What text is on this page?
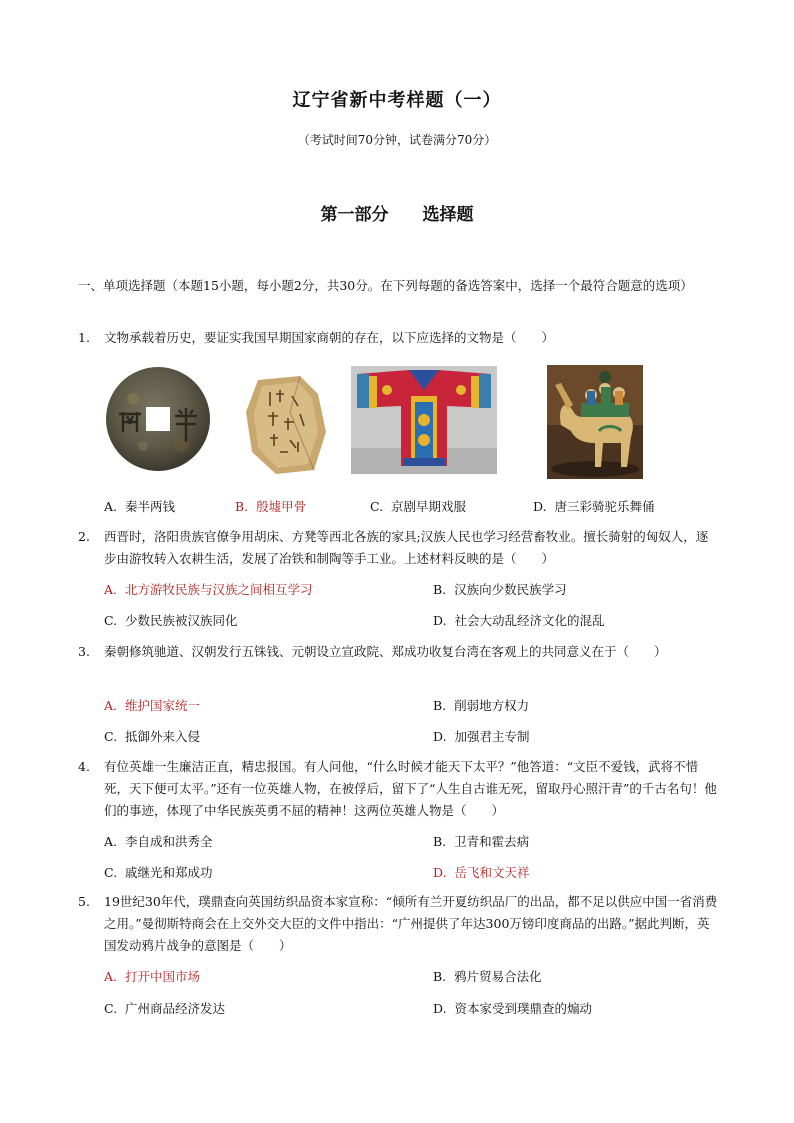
辽宁省新中考样题（一）
（考试时间70分钟，试卷满分70分）
第一部分 选择题
一、单项选择题（本题15小题，每小题2分，共30分。在下列每题的备选答案中，选择一个最符合题意的选项）
1. 文物承载着历史，要证实我国早期国家商朝的存在，以下应选择的文物是（　　）
A. 秦半两钱	B. 殷墟甲骨	C. 京剧早期戏服	D. 唐三彩骑驼乐舞俑
2. 西晋时，洛阳贵族官僚争用胡床、方凳等西北各族的家具;汉族人民也学习经营畜牧业。擅长骑射的匈奴人，逐步由游牧转入农耕生活，发展了冶铁和制陶等手工业。上述材料反映的是（　　）
A. 北方游牧民族与汉族之间相互学习	B. 汉族向少数民族学习
C. 少数民族被汉族同化	D. 社会大动乱经济文化的混乱
3. 秦朝修筑驰道、汉朝发行五铢钱、元朝设立宣政院、郑成功收复台湾在客观上的共同意义在于（　　）
A. 维护国家统一	B. 削弱地方权力
C. 抵御外来入侵	D. 加强君主专制
4. 有位英雄一生廉洁正直，精忠报国。有人问他，“什么时候才能天下太平？”他答道：“文臣不爱钱，武将不惜死，天下便可太平。”还有一位英雄人物，在被俘后，留下了“人生自古谁无死，留取丹心照汗青”的千古名句！他们的事迹，体现了中华民族英勇不屈的精神！这两位英雄人物是（　　）
A. 李自成和洪秀全	B. 卫青和霍去病
C. 戚继光和郑成功	D. 岳飞和文天祥
5. 19世纪30年代，璞鼎查向英国纺织品资本家宣称：“倾所有兰开夏纺织品厂的出品，都不足以供应中国一省消费之用。”曼彻斯特商会在上交外交大臣的文件中指出：“广州提供了年达300万镑印度商品的出路。”据此判断，英国发动鸦片战争的意图是（　　）
A. 打开中国市场	B. 鸦片贸易合法化
C. 广州商品经济发达	D. 资本家受到璞鼎查的煽动
